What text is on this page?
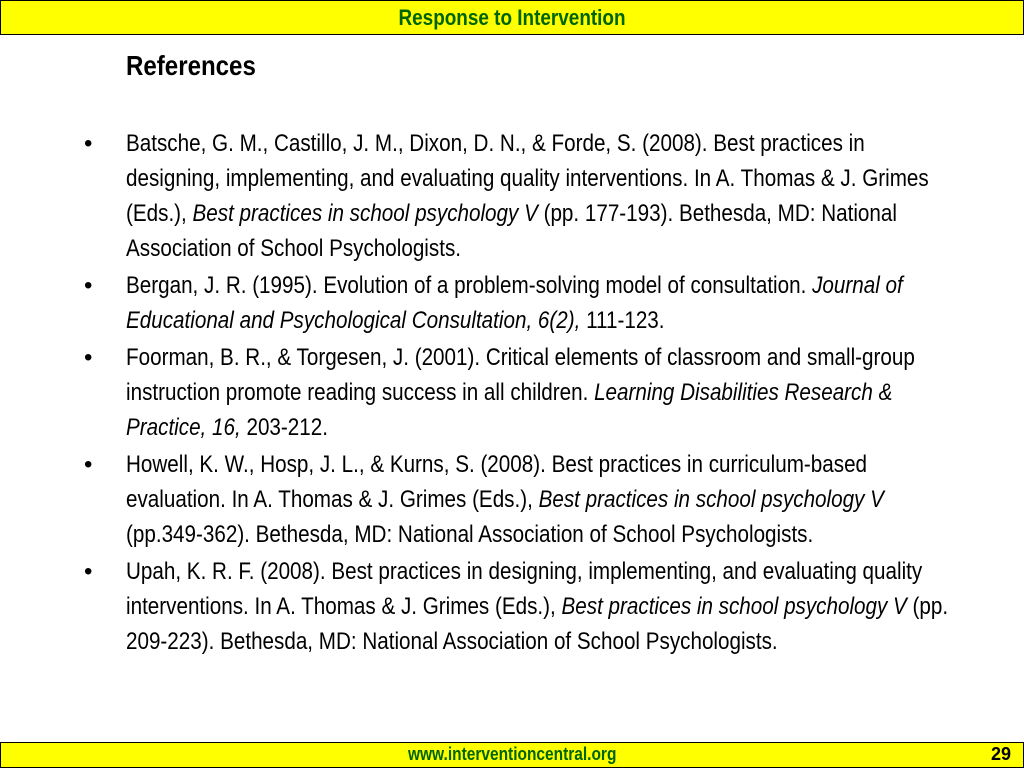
Response to Intervention
References
•	Batsche, G. M., Castillo, J. M., Dixon, D. N., & Forde, S. (2008). Best practices in designing, implementing, and evaluating quality interventions. In A. Thomas & J. Grimes (Eds.), Best practices in school psychology V (pp. 177-193). Bethesda, MD: National Association of School Psychologists.
•	Bergan, J. R. (1995). Evolution of a problem-solving model of consultation. Journal of Educational and Psychological Consultation, 6(2), 111-123.
•	Foorman, B. R., & Torgesen, J. (2001). Critical elements of classroom and small-group instruction promote reading success in all children. Learning Disabilities Research & Practice, 16, 203-212.
•	Howell, K. W., Hosp, J. L., & Kurns, S. (2008). Best practices in curriculum-based evaluation. In A. Thomas & J. Grimes (Eds.), Best practices in school psychology V (pp.349-362). Bethesda, MD: National Association of School Psychologists.
•	Upah, K. R. F. (2008). Best practices in designing, implementing, and evaluating quality interventions. In A. Thomas & J. Grimes (Eds.), Best practices in school psychology V (pp. 209-223). Bethesda, MD: National Association of School Psychologists.
www.interventioncentral.org	29
